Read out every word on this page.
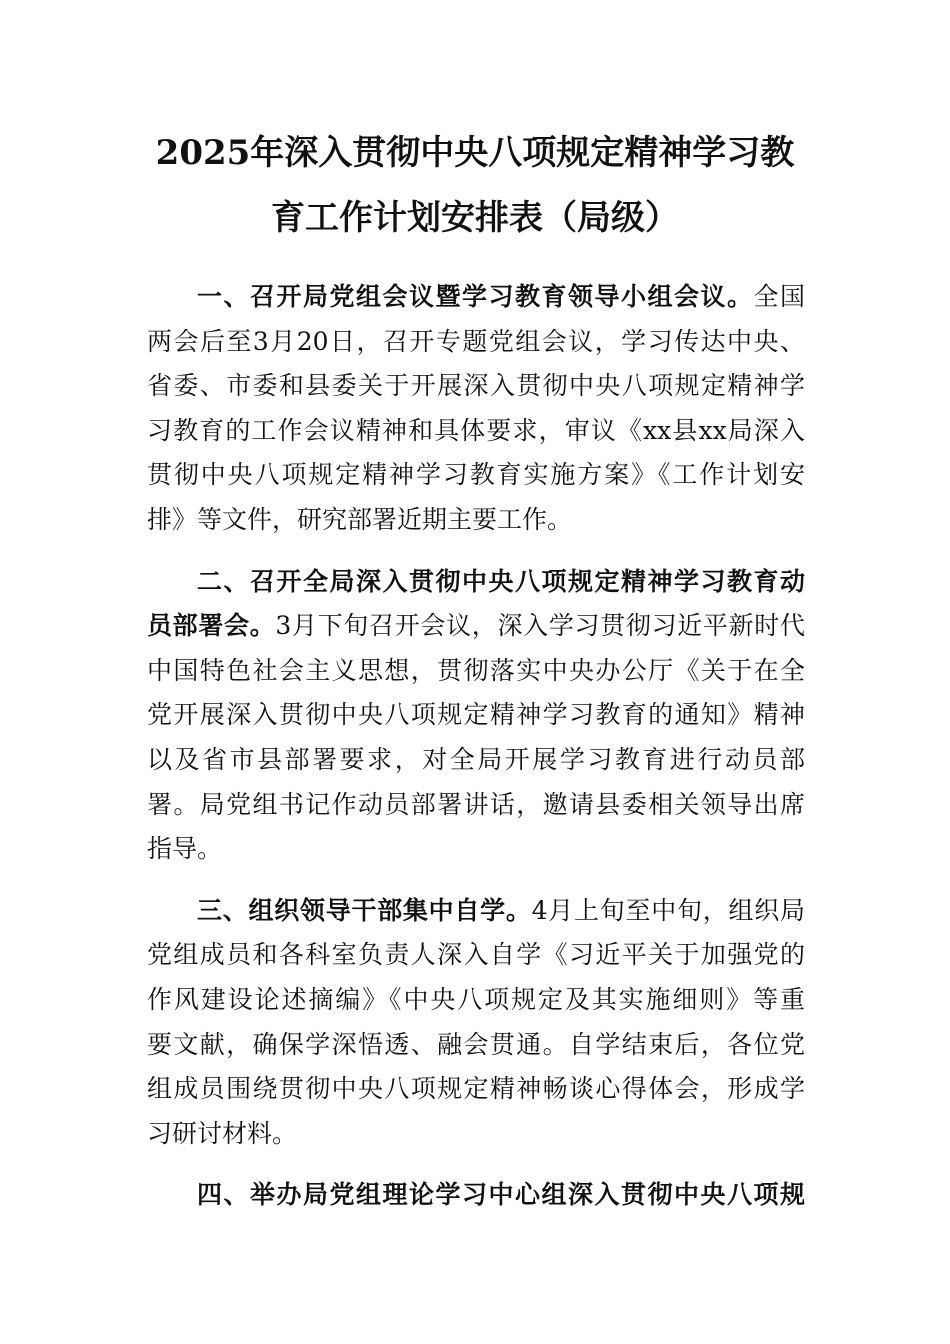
2025年深入贯彻中央八项规定精神学习教
育工作计划安排表（局级）
一、召开局党组会议暨学习教育领导小组会议。全国
两会后至3月20日，召开专题党组会议，学习传达中央、
省委、市委和县委关于开展深入贯彻中央八项规定精神学
习教育的工作会议精神和具体要求，审议《xx县xx局深入
贯彻中央八项规定精神学习教育实施方案》《工作计划安
排》等文件，研究部署近期主要工作。
二、召开全局深入贯彻中央八项规定精神学习教育动
员部署会。3月下旬召开会议，深入学习贯彻习近平新时代
中国特色社会主义思想，贯彻落实中央办公厅《关于在全
党开展深入贯彻中央八项规定精神学习教育的通知》精神
以及省市县部署要求，对全局开展学习教育进行动员部
署。局党组书记作动员部署讲话，邀请县委相关领导出席
指导。
三、组织领导干部集中自学。4月上旬至中旬，组织局
党组成员和各科室负责人深入自学《习近平关于加强党的
作风建设论述摘编》《中央八项规定及其实施细则》等重
要文献，确保学深悟透、融会贯通。自学结束后，各位党
组成员围绕贯彻中央八项规定精神畅谈心得体会，形成学
习研讨材料。
四、举办局党组理论学习中心组深入贯彻中央八项规
